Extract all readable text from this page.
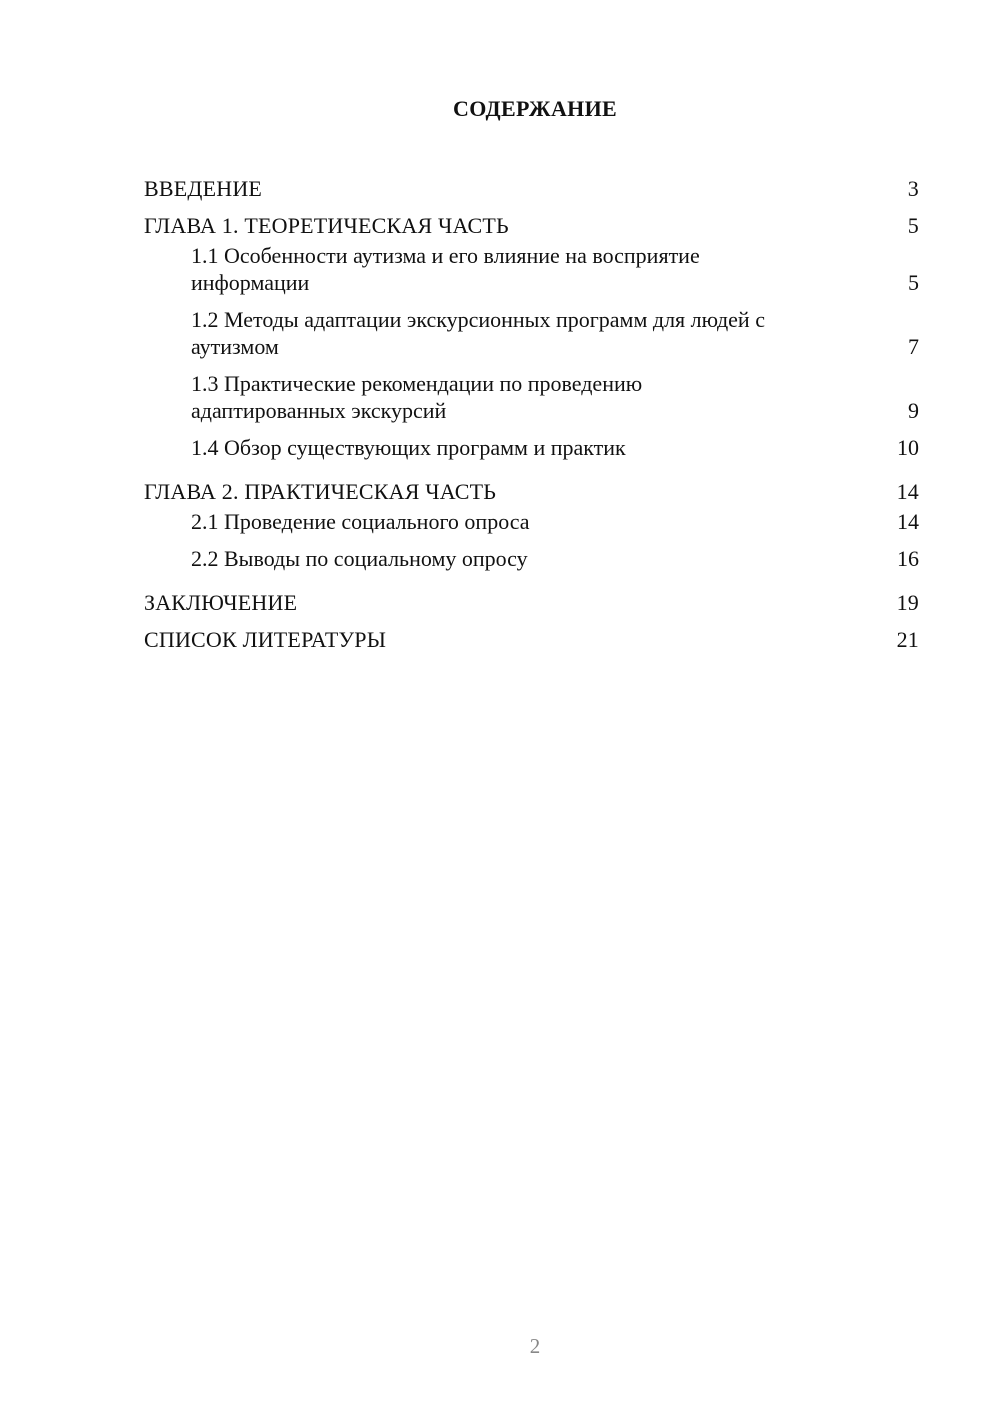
СОДЕРЖАНИЕ
ВВЕДЕНИЕ	3
ГЛАВА 1. ТЕОРЕТИЧЕСКАЯ ЧАСТЬ	5
1.1 Особенности аутизма и его влияние на восприятие информации	5
1.2 Методы адаптации экскурсионных программ для людей с аутизмом	7
1.3 Практические рекомендации по проведению адаптированных экскурсий	9
1.4 Обзор существующих программ и практик	10
ГЛАВА 2. ПРАКТИЧЕСКАЯ ЧАСТЬ	14
2.1 Проведение социального опроса	14
2.2 Выводы по социальному опросу	16
ЗАКЛЮЧЕНИЕ	19
СПИСОК ЛИТЕРАТУРЫ	21
2
